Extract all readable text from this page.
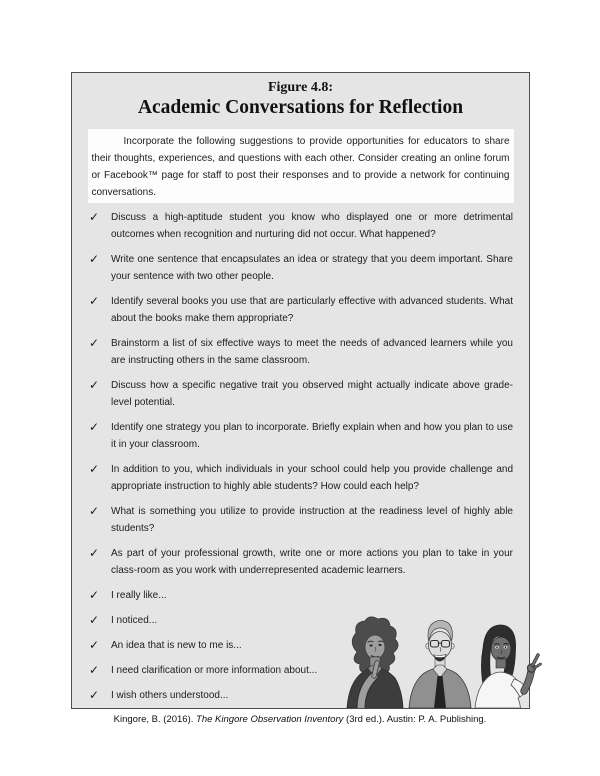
Figure 4.8:
Academic Conversations for Reflection

Incorporate the following suggestions to provide opportunities for educators to share their thoughts, experiences, and questions with each other. Consider creating an online forum or Facebook™ page for staff to post their responses and to provide a network for continuing conversations.

✓	Discuss a high-aptitude student you know who displayed one or more detrimental outcomes when recognition and nurturing did not occur. What happened?
✓	Write one sentence that encapsulates an idea or strategy that you deem important. Share your sentence with two other people.
✓	Identify several books you use that are particularly effective with advanced students. What about the books make them appropriate?
✓	Brainstorm a list of six effective ways to meet the needs of advanced learners while you are instructing others in the same classroom.
✓	Discuss how a specific negative trait you observed might actually indicate above grade-level potential.
✓	Identify one strategy you plan to incorporate. Briefly explain when and how you plan to use it in your classroom.
✓	In addition to you, which individuals in your school could help you provide challenge and appropriate instruction to highly able students? How could each help?
✓	What is something you utilize to provide instruction at the readiness level of highly able students?
✓	As part of your professional growth, write one or more actions you plan to take in your class-room as you work with underrepresented academic learners.
✓	I really like...
✓	I noticed...
✓	An idea that is new to me is...
✓	I need clarification or more information about...
✓	I wish others understood...

Kingore, B. (2016). The Kingore Observation Inventory (3rd ed.). Austin: P. A. Publishing.
